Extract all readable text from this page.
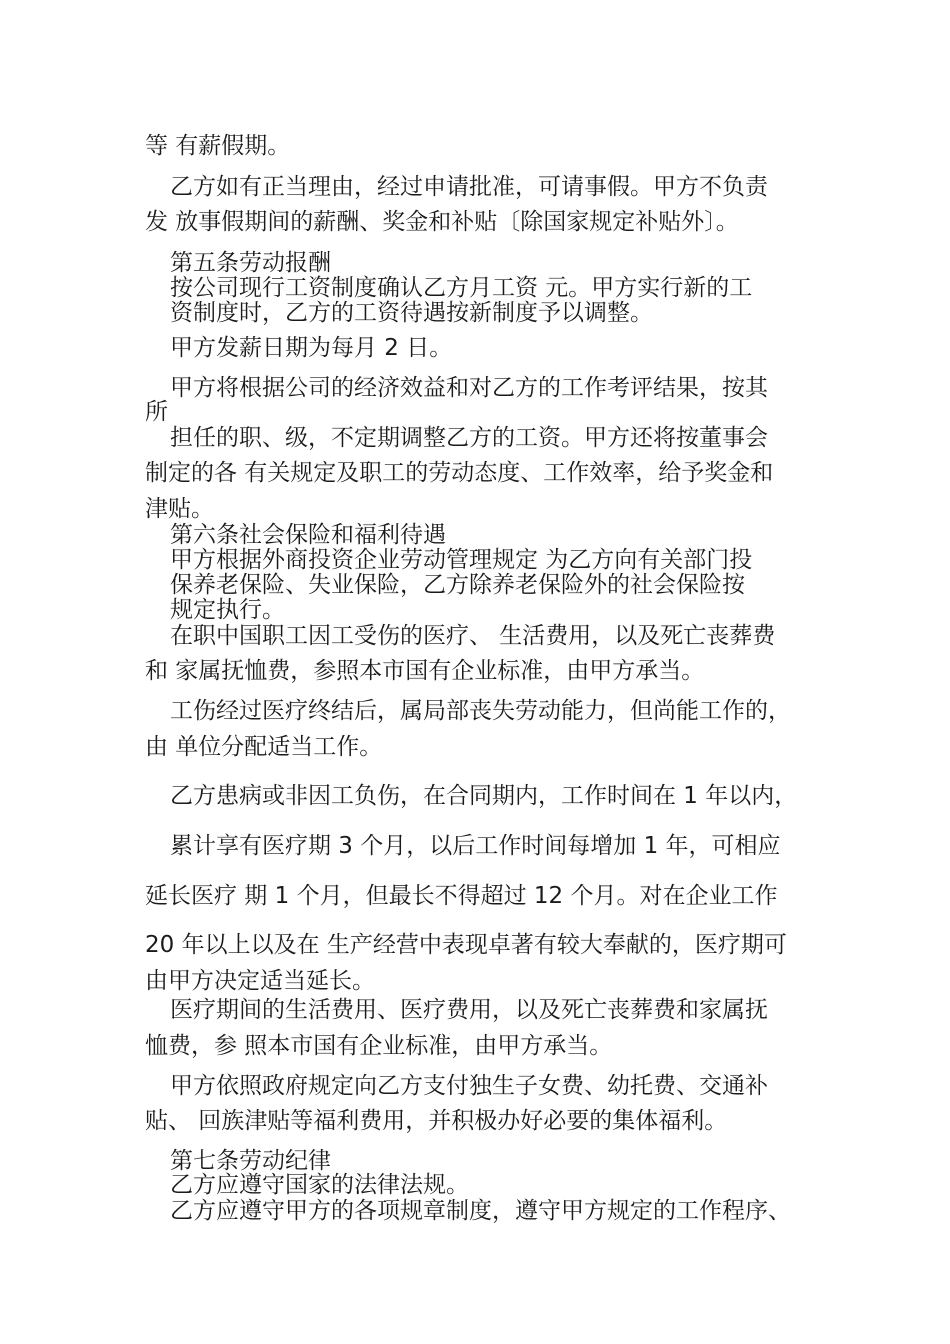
等 有薪假期。
乙方如有正当理由，经过申请批准，可请事假。甲方不负责
发 放事假期间的薪酬、奖金和补贴〔除国家规定补贴外〕。
第五条劳动报酬
按公司现行工资制度确认乙方月工资 元。甲方实行新的工
资制度时，乙方的工资待遇按新制度予以调整。
甲方发薪日期为每月 2 日。
甲方将根据公司的经济效益和对乙方的工作考评结果，按其
所
担任的职、级，不定期调整乙方的工资。甲方还将按董事会
制定的各 有关规定及职工的劳动态度、工作效率，给予奖金和
津贴。
第六条社会保险和福利待遇
甲方根据外商投资企业劳动管理规定 为乙方向有关部门投
保养老保险、失业保险，乙方除养老保险外的社会保险按
规定执行。
在职中国职工因工受伤的医疗、 生活费用，以及死亡丧葬费
和 家属抚恤费，参照本市国有企业标准，由甲方承当。
工伤经过医疗终结后，属局部丧失劳动能力，但尚能工作的，
由 单位分配适当工作。
乙方患病或非因工负伤，在合同期内，工作时间在 1 年以内，
累计享有医疗期 3 个月，以后工作时间每增加 1 年，可相应
延长医疗 期 1 个月，但最长不得超过 12 个月。对在企业工作
20 年以上以及在 生产经营中表现卓著有较大奉献的，医疗期可
由甲方决定适当延长。
医疗期间的生活费用、医疗费用，以及死亡丧葬费和家属抚
恤费，参 照本市国有企业标准，由甲方承当。
甲方依照政府规定向乙方支付独生子女费、幼托费、交通补
贴、 回族津贴等福利费用，并积极办好必要的集体福利。
第七条劳动纪律
乙方应遵守国家的法律法规。
乙方应遵守甲方的各项规章制度，遵守甲方规定的工作程序、
